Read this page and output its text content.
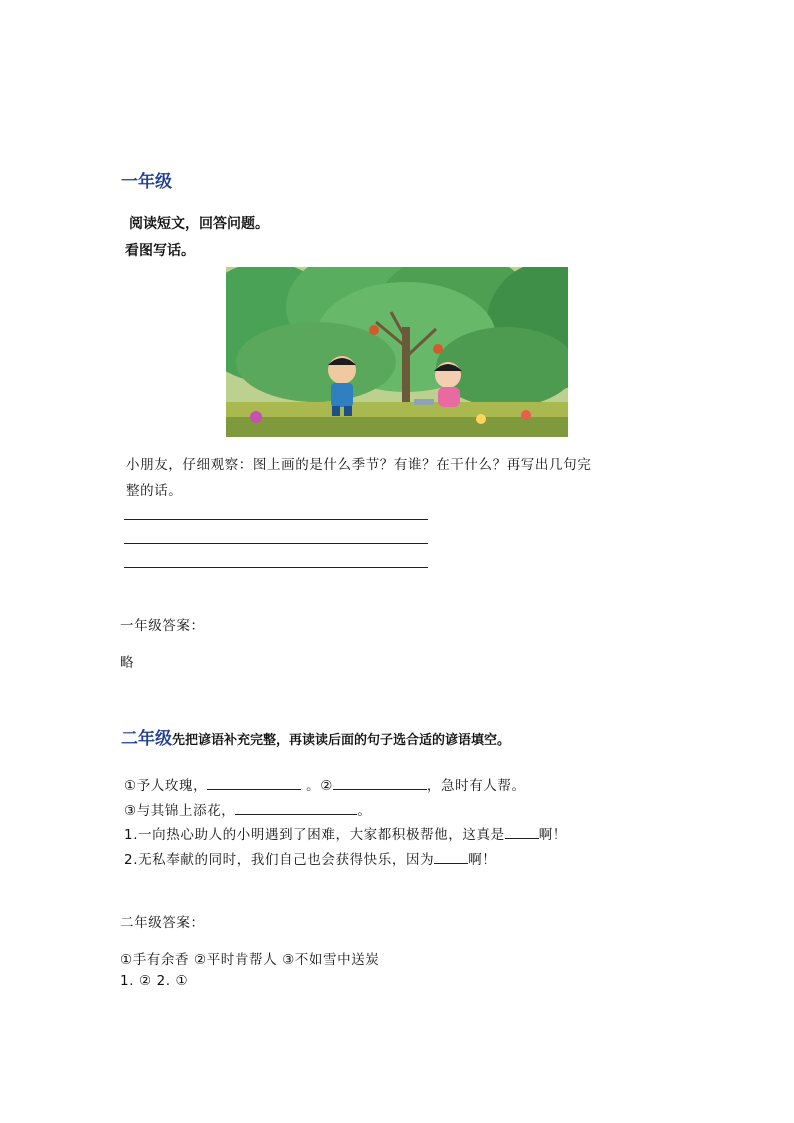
一年级
阅读短文，回答问题。
看图写话。
小朋友，仔细观察：图上画的是什么季节？有谁？在干什么？再写出几句完
整的话。
一年级答案：
略
二年级先把谚语补充完整，再读读后面的句子选合适的谚语填空。
①予人玫瑰，	。②	，急时有人帮。
③与其锦上添花，	。
1.一向热心助人的小明遇到了困难，大家都积极帮他，这真是	啊！
2.无私奉献的同时，我们自己也会获得快乐，因为	啊！
二年级答案：
①手有余香 ②平时肯帮人 ③不如雪中送炭
1. ② 2. ①
